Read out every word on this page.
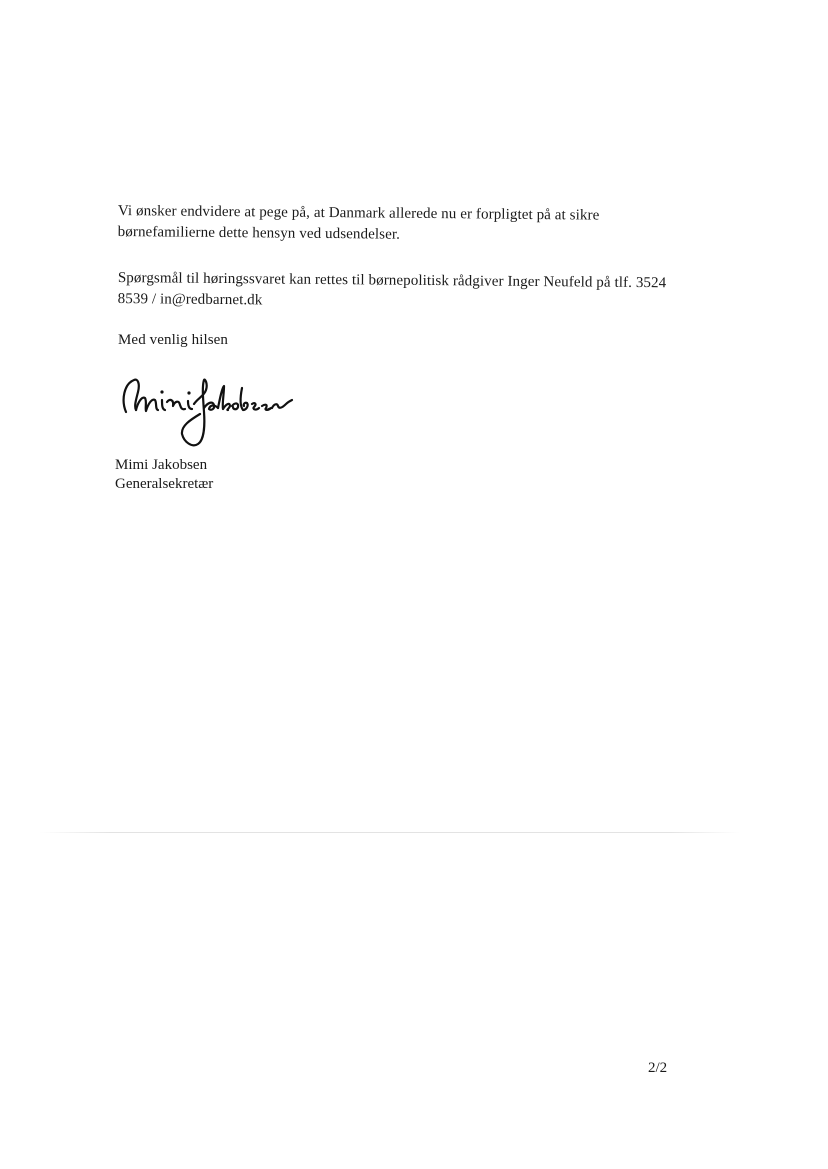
Vi ønsker endvidere at pege på, at Danmark allerede nu er forpligtet på at sikre børnefamilierne dette hensyn ved udsendelser.

Spørgsmål til høringssvaret kan rettes til børnepolitisk rådgiver Inger Neufeld på tlf. 3524 8539 / in@redbarnet.dk

Med venlig hilsen

Mimi Jakobsen
Generalsekretær
2/2
